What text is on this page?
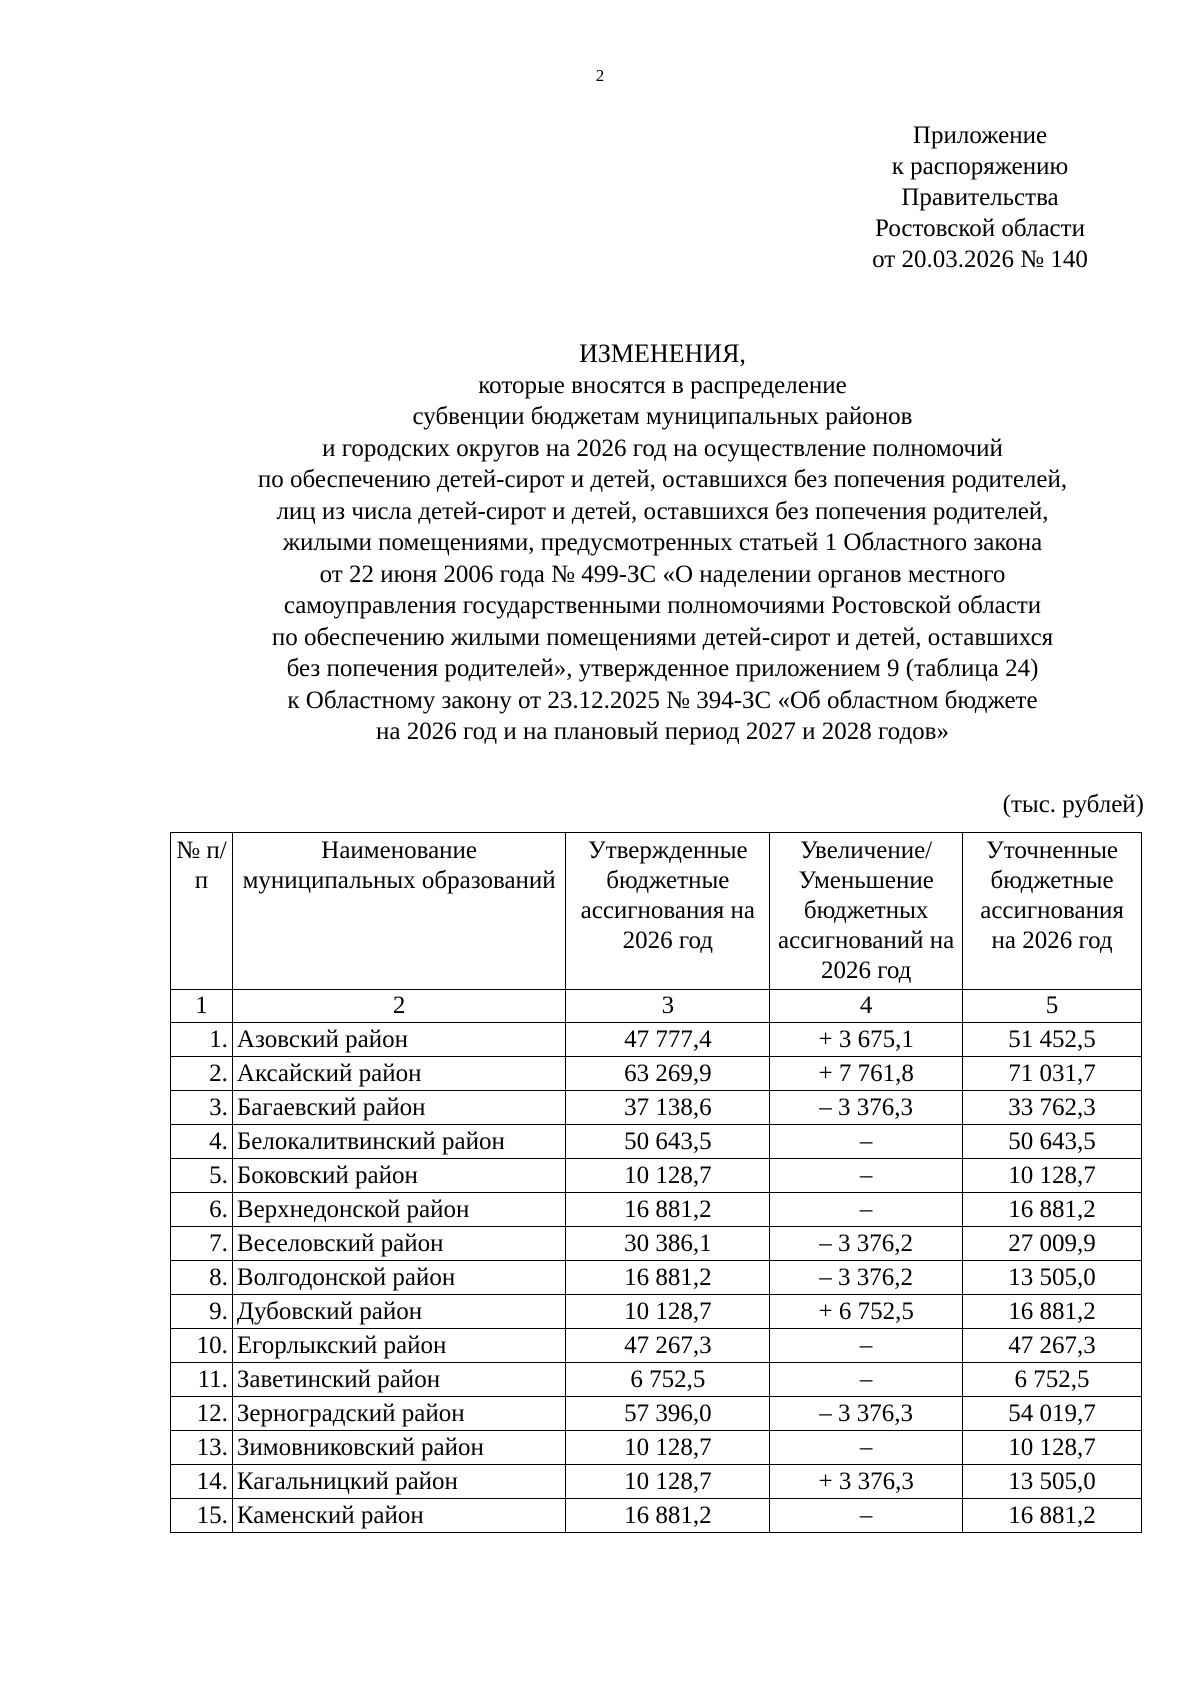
2
Приложение
к распоряжению
Правительства
Ростовской области
от 20.03.2026 № 140
ИЗМЕНЕНИЯ,
которые вносятся в распределение
субвенции бюджетам муниципальных районов
и городских округов на 2026 год на осуществление полномочий
по обеспечению детей-сирот и детей, оставшихся без попечения родителей,
лиц из числа детей-сирот и детей, оставшихся без попечения родителей,
жилыми помещениями, предусмотренных статьей 1 Областного закона
от 22 июня 2006 года № 499-ЗС «О наделении органов местного
самоуправления государственными полномочиями Ростовской области
по обеспечению жилыми помещениями детей-сирот и детей, оставшихся
без попечения родителей», утвержденное приложением 9 (таблица 24)
к Областному закону от 23.12.2025 № 394-ЗС «Об областном бюджете
на 2026 год и на плановый период 2027 и 2028 годов»
(тыс. рублей)
№ п/п	Наименование муниципальных образований	Утвержденные бюджетные ассигнования на 2026 год	Увеличение/ Уменьшение бюджетных ассигнований на 2026 год	Уточненные бюджетные ассигнования на 2026 год
1	2	3	4	5
1.	Азовский район	47 777,4	+ 3 675,1	51 452,5
2.	Аксайский район	63 269,9	+ 7 761,8	71 031,7
3.	Багаевский район	37 138,6	– 3 376,3	33 762,3
4.	Белокалитвинский район	50 643,5	–	50 643,5
5.	Боковский район	10 128,7	–	10 128,7
6.	Верхнедонской район	16 881,2	–	16 881,2
7.	Веселовский район	30 386,1	– 3 376,2	27 009,9
8.	Волгодонской район	16 881,2	– 3 376,2	13 505,0
9.	Дубовский район	10 128,7	+ 6 752,5	16 881,2
10.	Егорлыкский район	47 267,3	–	47 267,3
11.	Заветинский район	6 752,5	–	6 752,5
12.	Зерноградский район	57 396,0	– 3 376,3	54 019,7
13.	Зимовниковский район	10 128,7	–	10 128,7
14.	Кагальницкий район	10 128,7	+ 3 376,3	13 505,0
15.	Каменский район	16 881,2	–	16 881,2
